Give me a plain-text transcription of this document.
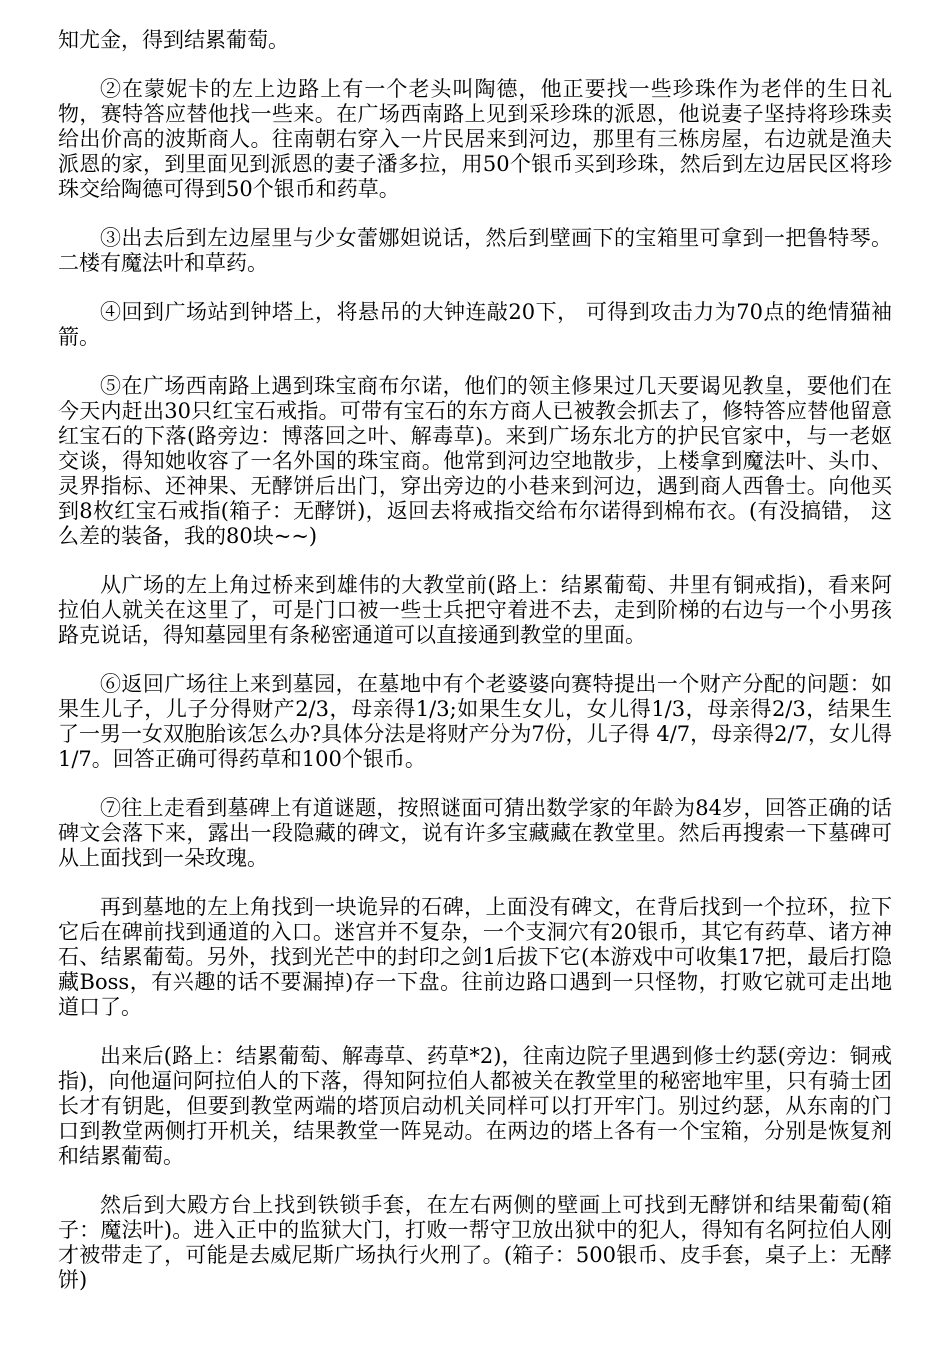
知尤金，得到结累葡萄。

②在蒙妮卡的左上边路上有一个老头叫陶德，他正要找一些珍珠作为老伴的生日礼物，赛特答应替他找一些来。在广场西南路上见到采珍珠的派恩，他说妻子坚持将珍珠卖给出价高的波斯商人。往南朝右穿入一片民居来到河边，那里有三栋房屋，右边就是渔夫派恩的家，到里面见到派恩的妻子潘多拉，用50个银币买到珍珠，然后到左边居民区将珍珠交给陶德可得到50个银币和药草。

③出去后到左边屋里与少女蕾娜妲说话，然后到壁画下的宝箱里可拿到一把鲁特琴。二楼有魔法叶和草药。

④回到广场站到钟塔上，将悬吊的大钟连敲20下， 可得到攻击力为70点的绝情猫袖箭。

⑤在广场西南路上遇到珠宝商布尔诺，他们的领主修果过几天要谒见教皇，要他们在今天内赶出30只红宝石戒指。可带有宝石的东方商人已被教会抓去了，修特答应替他留意红宝石的下落(路旁边：博落回之叶、解毒草)。来到广场东北方的护民官家中，与一老妪交谈，得知她收容了一名外国的珠宝商。他常到河边空地散步，上楼拿到魔法叶、头巾、灵界指标、还神果、无酵饼后出门，穿出旁边的小巷来到河边，遇到商人西鲁士。向他买到8枚红宝石戒指(箱子：无酵饼)，返回去将戒指交给布尔诺得到棉布衣。(有没搞错， 这么差的装备，我的80块~~)

从广场的左上角过桥来到雄伟的大教堂前(路上：结累葡萄、井里有铜戒指)，看来阿拉伯人就关在这里了，可是门口被一些士兵把守着进不去，走到阶梯的右边与一个小男孩路克说话，得知墓园里有条秘密通道可以直接通到教堂的里面。

⑥返回广场往上来到墓园，在墓地中有个老婆婆向赛特提出一个财产分配的问题：如果生儿子，儿子分得财产2/3，母亲得1/3;如果生女儿，女儿得1/3，母亲得2/3，结果生了一男一女双胞胎该怎么办?具体分法是将财产分为7份，儿子得 4/7，母亲得2/7，女儿得1/7。回答正确可得药草和100个银币。

⑦往上走看到墓碑上有道谜题，按照谜面可猜出数学家的年龄为84岁，回答正确的话碑文会落下来，露出一段隐藏的碑文，说有许多宝藏藏在教堂里。然后再搜索一下墓碑可从上面找到一朵玫瑰。

再到墓地的左上角找到一块诡异的石碑，上面没有碑文，在背后找到一个拉环，拉下它后在碑前找到通道的入口。迷宫并不复杂，一个支洞穴有20银币，其它有药草、诸方神石、结累葡萄。另外，找到光芒中的封印之剑1后拔下它(本游戏中可收集17把，最后打隐藏Boss，有兴趣的话不要漏掉)存一下盘。往前边路口遇到一只怪物，打败它就可走出地道口了。

出来后(路上：结累葡萄、解毒草、药草*2)，往南边院子里遇到修士约瑟(旁边：铜戒指)，向他逼问阿拉伯人的下落，得知阿拉伯人都被关在教堂里的秘密地牢里，只有骑士团长才有钥匙，但要到教堂两端的塔顶启动机关同样可以打开牢门。别过约瑟，从东南的门口到教堂两侧打开机关，结果教堂一阵晃动。在两边的塔上各有一个宝箱，分别是恢复剂和结累葡萄。

然后到大殿方台上找到铁锁手套，在左右两侧的壁画上可找到无酵饼和结果葡萄(箱子：魔法叶)。进入正中的监狱大门，打败一帮守卫放出狱中的犯人，得知有名阿拉伯人刚才被带走了，可能是去威尼斯广场执行火刑了。(箱子：500银币、皮手套，桌子上：无酵饼)
